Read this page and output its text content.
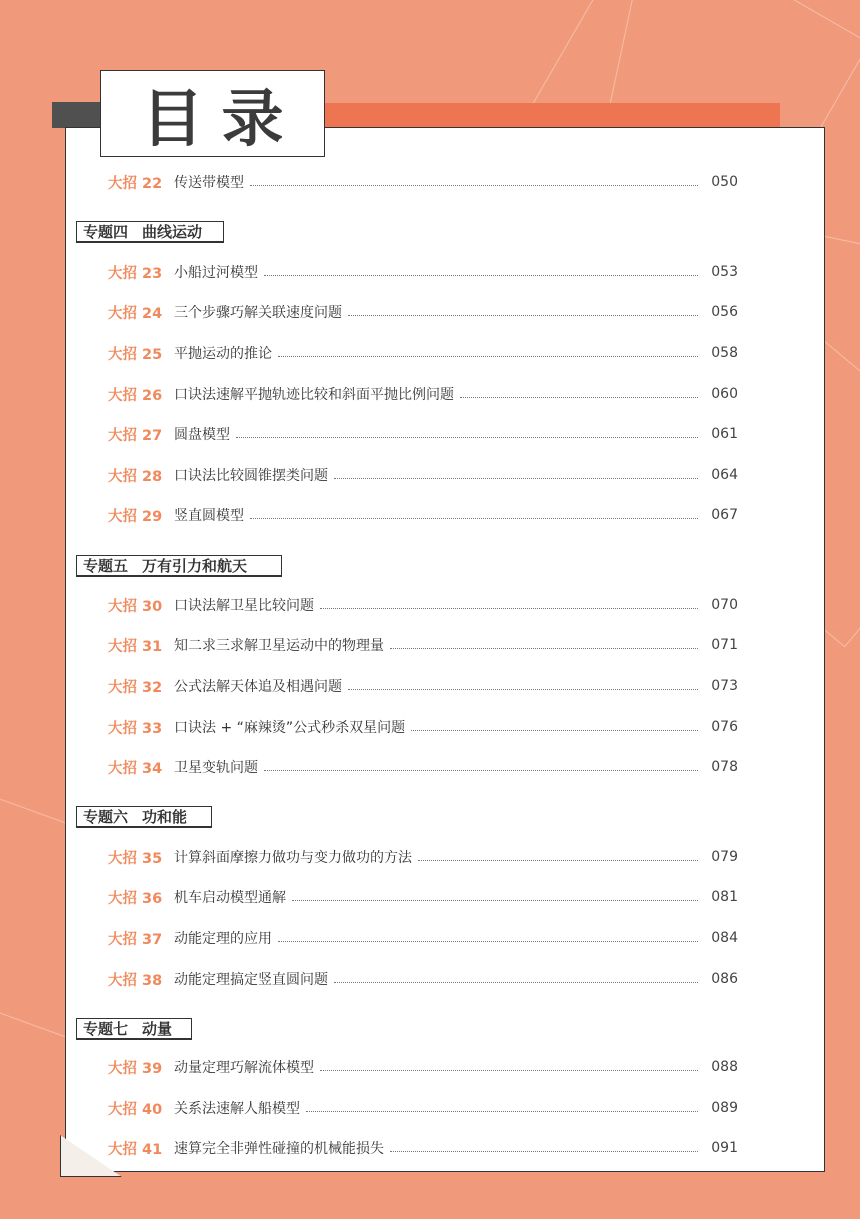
目录
大招 22 传送带模型	050
专题四 曲线运动
大招 23 小船过河模型	053
大招 24 三个步骤巧解关联速度问题	056
大招 25 平抛运动的推论	058
大招 26 口诀法速解平抛轨迹比较和斜面平抛比例问题	060
大招 27 圆盘模型	061
大招 28 口诀法比较圆锥摆类问题	064
大招 29 竖直圆模型	067
专题五 万有引力和航天
大招 30 口诀法解卫星比较问题	070
大招 31 知二求三求解卫星运动中的物理量	071
大招 32 公式法解天体追及相遇问题	073
大招 33 口诀法 + “麻辣烫”公式秒杀双星问题	076
大招 34 卫星变轨问题	078
专题六 功和能
大招 35 计算斜面摩擦力做功与变力做功的方法	079
大招 36 机车启动模型通解	081
大招 37 动能定理的应用	084
大招 38 动能定理搞定竖直圆问题	086
专题七 动量
大招 39 动量定理巧解流体模型	088
大招 40 关系法速解人船模型	089
大招 41 速算完全非弹性碰撞的机械能损失	091
